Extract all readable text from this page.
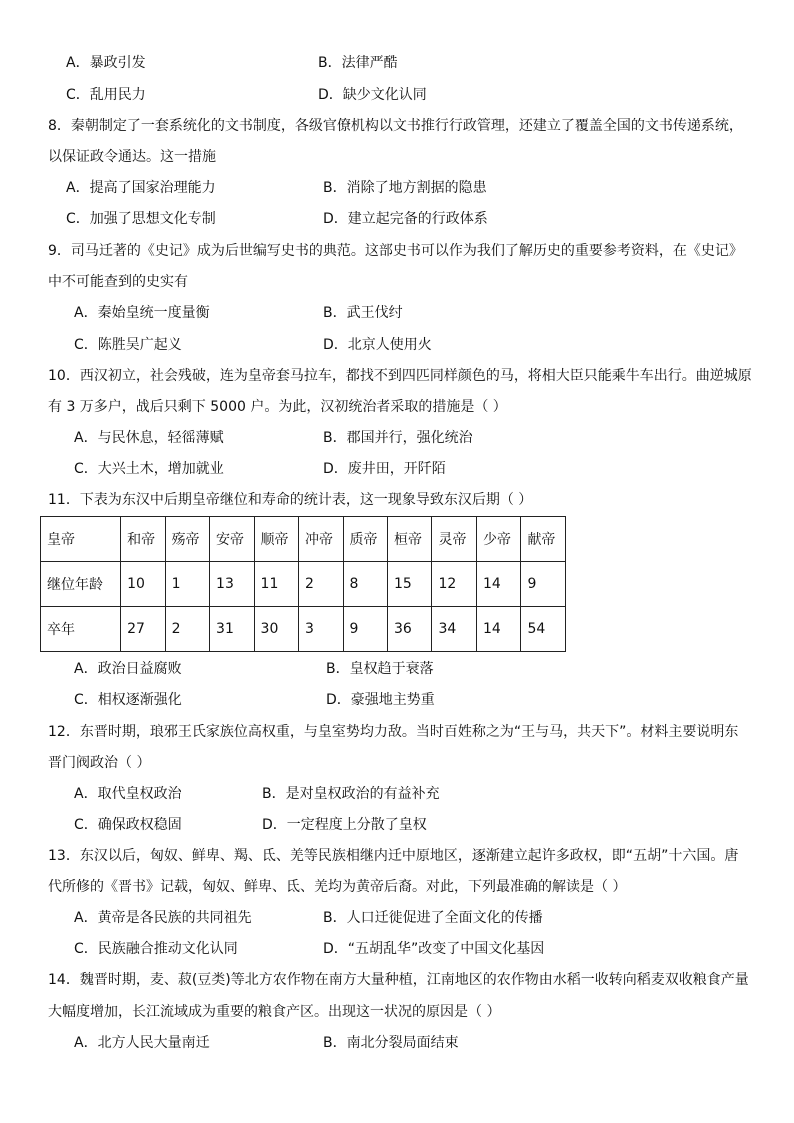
A．暴政引发	B．法律严酷
C．乱用民力	D．缺少文化认同
8．秦朝制定了一套系统化的文书制度，各级官僚机构以文书推行行政管理，还建立了覆盖全国的文书传递系统，
以保证政令通达。这一措施
A．提高了国家治理能力	B．消除了地方割据的隐患
C．加强了思想文化专制	D．建立起完备的行政体系
9．司马迁著的《史记》成为后世编写史书的典范。这部史书可以作为我们了解历史的重要参考资料，在《史记》
中不可能查到的史实有
A．秦始皇统一度量衡	B．武王伐纣
C．陈胜吴广起义	D．北京人使用火
10．西汉初立，社会残破，连为皇帝套马拉车，都找不到四匹同样颜色的马，将相大臣只能乘牛车出行。曲逆城原
有 3 万多户，战后只剩下 5000 户。为此，汉初统治者采取的措施是（ ）
A．与民休息，轻徭薄赋	B．郡国并行，强化统治
C．大兴土木，增加就业	D．废井田，开阡陌
11．下表为东汉中后期皇帝继位和寿命的统计表，这一现象导致东汉后期（ ）
皇帝	和帝	殇帝	安帝	顺帝	冲帝	质帝	桓帝	灵帝	少帝	献帝
继位年龄	10	1	13	11	2	8	15	12	14	9
卒年	27	2	31	30	3	9	36	34	14	54
A．政治日益腐败	B．皇权趋于衰落
C．相权逐渐强化	D．豪强地主势重
12．东晋时期，琅邪王氏家族位高权重，与皇室势均力敌。当时百姓称之为“王与马，共天下”。材料主要说明东
晋门阀政治（ ）
A．取代皇权政治	B．是对皇权政治的有益补充
C．确保政权稳固	D．一定程度上分散了皇权
13．东汉以后，匈奴、鲜卑、羯、氐、羌等民族相继内迁中原地区，逐渐建立起许多政权，即“五胡”十六国。唐
代所修的《晋书》记载，匈奴、鲜卑、氐、羌均为黄帝后裔。对此，下列最准确的解读是（ ）
A．黄帝是各民族的共同祖先	B．人口迁徙促进了全面文化的传播
C．民族融合推动文化认同	D．“五胡乱华”改变了中国文化基因
14．魏晋时期，麦、菽(豆类)等北方农作物在南方大量种植，江南地区的农作物由水稻一收转向稻麦双收粮食产量
大幅度增加，长江流域成为重要的粮食产区。出现这一状况的原因是（ ）
A．北方人民大量南迁	B．南北分裂局面结束
